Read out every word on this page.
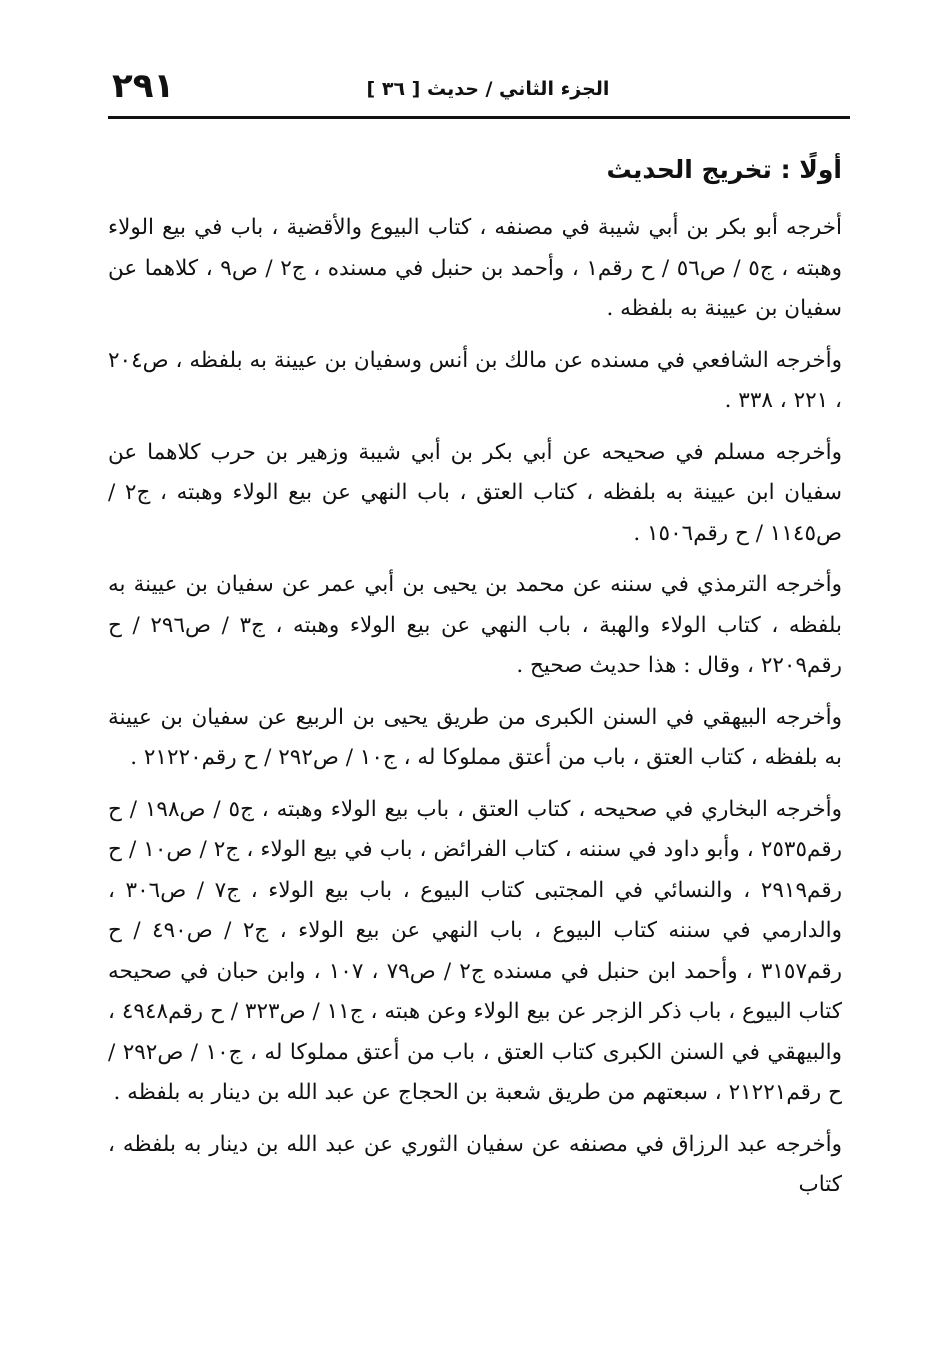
٢٩١	الجزء الثاني / حديث [ ٣٦ ]
أولًا : تخريج الحديث

أخرجه أبو بكر بن أبي شيبة في مصنفه ، كتاب البيوع والأقضية ، باب في بيع الولاء وهبته ، ج٥ / ص٥٦ / ح رقم١ ، وأحمد بن حنبل في مسنده ، ج٢ / ص٩ ، كلاهما عن سفيان بن عيينة به بلفظه .

وأخرجه الشافعي في مسنده عن مالك بن أنس وسفيان بن عيينة به بلفظه ، ص٢٠٤ ، ٢٢١ ، ٣٣٨ .

وأخرجه مسلم في صحيحه عن أبي بكر بن أبي شيبة وزهير بن حرب كلاهما عن سفيان ابن عيينة به بلفظه ، كتاب العتق ، باب النهي عن بيع الولاء وهبته ، ج٢ / ص١١٤٥ / ح رقم١٥٠٦ .

وأخرجه الترمذي في سننه عن محمد بن يحيى بن أبي عمر عن سفيان بن عيينة به بلفظه ، كتاب الولاء والهبة ، باب النهي عن بيع الولاء وهبته ، ج٣ / ص٢٩٦ / ح رقم٢٢٠٩ ، وقال : هذا حديث صحيح .

وأخرجه البيهقي في السنن الكبرى من طريق يحيى بن الربيع عن سفيان بن عيينة به بلفظه ، كتاب العتق ، باب من أعتق مملوكا له ، ج١٠ / ص٢٩٢ / ح رقم٢١٢٢٠ .

وأخرجه البخاري في صحيحه ، كتاب العتق ، باب بيع الولاء وهبته ، ج٥ / ص١٩٨ / ح رقم٢٥٣٥ ، وأبو داود في سننه ، كتاب الفرائض ، باب في بيع الولاء ، ج٢ / ص١٠ / ح رقم٢٩١٩ ، والنسائي في المجتبى كتاب البيوع ، باب بيع الولاء ، ج٧ / ص٣٠٦ ، والدارمي في سننه كتاب البيوع ، باب النهي عن بيع الولاء ، ج٢ / ص٤٩٠ / ح رقم٣١٥٧ ، وأحمد ابن حنبل في مسنده ج٢ / ص٧٩ ، ١٠٧ ، وابن حبان في صحيحه كتاب البيوع ، باب ذكر الزجر عن بيع الولاء وعن هبته ، ج١١ / ص٣٢٣ / ح رقم٤٩٤٨ ، والبيهقي في السنن الكبرى كتاب العتق ، باب من أعتق مملوكا له ، ج١٠ / ص٢٩٢ / ح رقم٢١٢٢١ ، سبعتهم من طريق شعبة بن الحجاج عن عبد الله بن دينار به بلفظه .

وأخرجه عبد الرزاق في مصنفه عن سفيان الثوري عن عبد الله بن دينار به بلفظه ، كتاب
